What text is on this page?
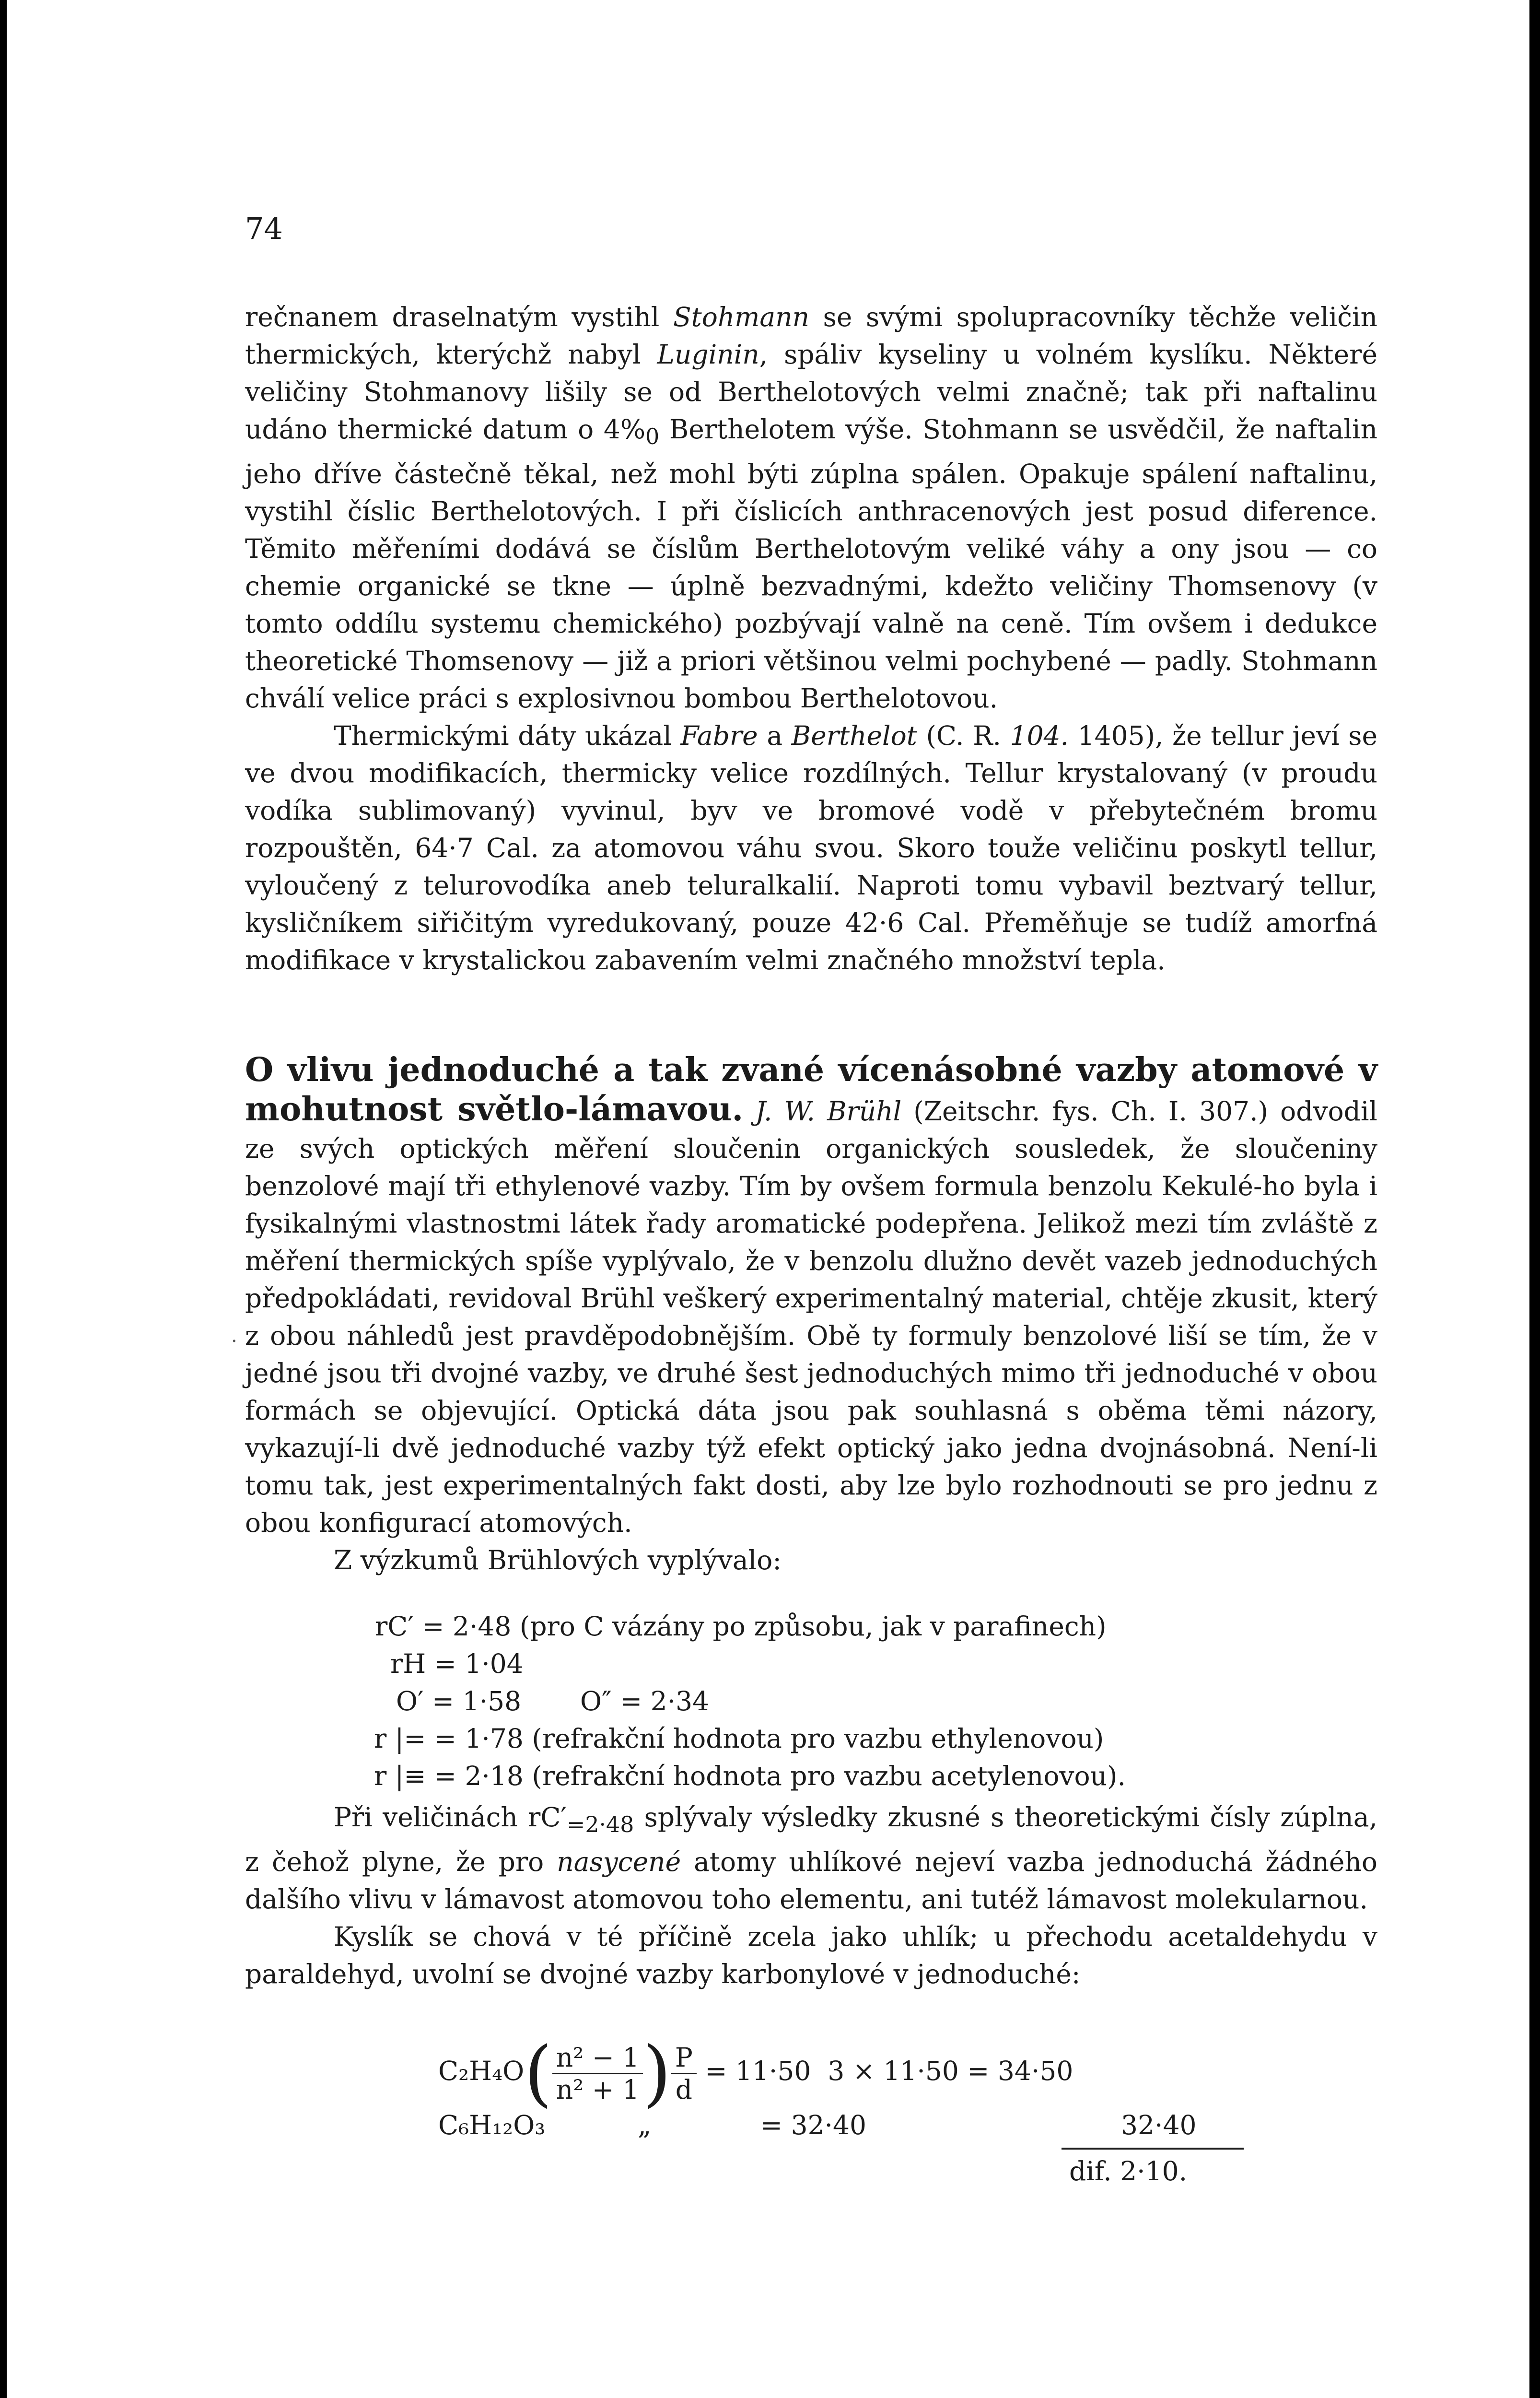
74

rečnanem draselnatým vystihl Stohmann se svými spolupracovníky těchže veličin thermických, kterýchž nabyl Luginin, spáliv kyseliny u volném kyslíku. Některé veličiny Stohmanovy lišily se od Berthelotových velmi značně; tak při naftalinu udáno thermické datum o $4\%_0$ Berthelotem výše. Stohmann se usvědčil, že naftalin jeho dříve částečně těkal, než mohl býti zúplna spálen. Opakuje spálení naftalinu, vystihl číslic Berthelotových. I při číslicích anthracenových jest posud diference. Těmito měřeními dodává se číslům Berthelotovým veliké váhy a ony jsou — co chemie organické se tkne — úplně bezvadnými, kdežto veličiny Thomsenovy (v tomto oddílu systemu chemického) pozbývají valně na ceně. Tím ovšem i dedukce theoretické Thomsenovy — již a priori většinou velmi pochybené — padly. Stohmann chválí velice práci s explosivnou bombou Berthelotovou.

Thermickými dáty ukázal Fabre a Berthelot (C. R. 104. 1405), že tellur jeví se ve dvou modifikacích, thermicky velice rozdílných. Tellur krystalovaný (v proudu vodíka sublimovaný) vyvinul, byv ve bromové vodě v přebytečném bromu rozpouštěn, 64·7 Cal. za atomovou váhu svou. Skoro touže veličinu poskytl tellur, vyloučený z telurovodíka aneb teluralkalií. Naproti tomu vybavil beztvarý tellur, kysličníkem siřičitým vyredukovaný, pouze 42·6 Cal. Přeměňuje se tudíž amorfná modifikace v krystalickou zabavením velmi značného množství tepla.

O vlivu jednoduché a tak zvané vícenásobné vazby atomové v mohutnost světlo-lámavou. J. W. Brühl (Zeitschr. fys. Ch. I. 307.) odvodil ze svých optických měření sloučenin organických sousledek, že sloučeniny benzolové mají tři ethylenové vazby. Tím by ovšem formula benzolu Kekulé-ho byla i fysikalnými vlastnostmi látek řady aromatické podepřena. Jelikož mezi tím zvláště z měření thermických spíše vyplývalo, že v benzolu dlužno devět vazeb jednoduchých předpokládati, revidoval Brühl veškerý experimentalný material, chtěje zkusit, který z obou náhledů jest pravděpodobnějším. Obě ty formuly benzolové liší se tím, že v jedné jsou tři dvojné vazby, ve druhé šest jednoduchých mimo tři jednoduché v obou formách se objevující. Optická dáta jsou pak souhlasná s oběma těmi názory, vykazují-li dvě jednoduché vazby týž efekt optický jako jedna dvojnásobná. Není-li tomu tak, jest experimentalných fakt dosti, aby lze bylo rozhodnouti se pro jednu z obou konfigurací atomových.

Z výzkumů Brühlových vyplývalo:

rC′ = 2·48 (pro C vázány po způsobu, jak v parafinech)
rH = 1·04
O′ = 1·58 O″ = 2·34
r |= = 1·78 (refrakční hodnota pro vazbu ethylenovou)
r |≡ = 2·18 (refrakční hodnota pro vazbu acetylenovou).

Při veličinách $rC'_{=2\cdot 48}$ splývaly výsledky zkusné s theoretickými čísly zúplna, z čehož plyne, že pro nasycené atomy uhlíkové nejeví vazba jednoduchá žádného dalšího vlivu v lámavost atomovou toho elementu, ani tutéž lámavost molekularnou.

Kyslík se chová v té příčině zcela jako uhlík; u přechodu acetaldehydu v paraldehyd, uvolní se dvojné vazby karbonylové v jednoduché:

$C_2H_4O( \frac{\text{n² − 1}}{\text{n² + 1}}$ ) $\frac{P}{d} = 11\cdot 50$ 3 × 11·50 = 34·50
C₆H₁₂O₃	„	= 32·40	32·40
dif. 2·10.
.
